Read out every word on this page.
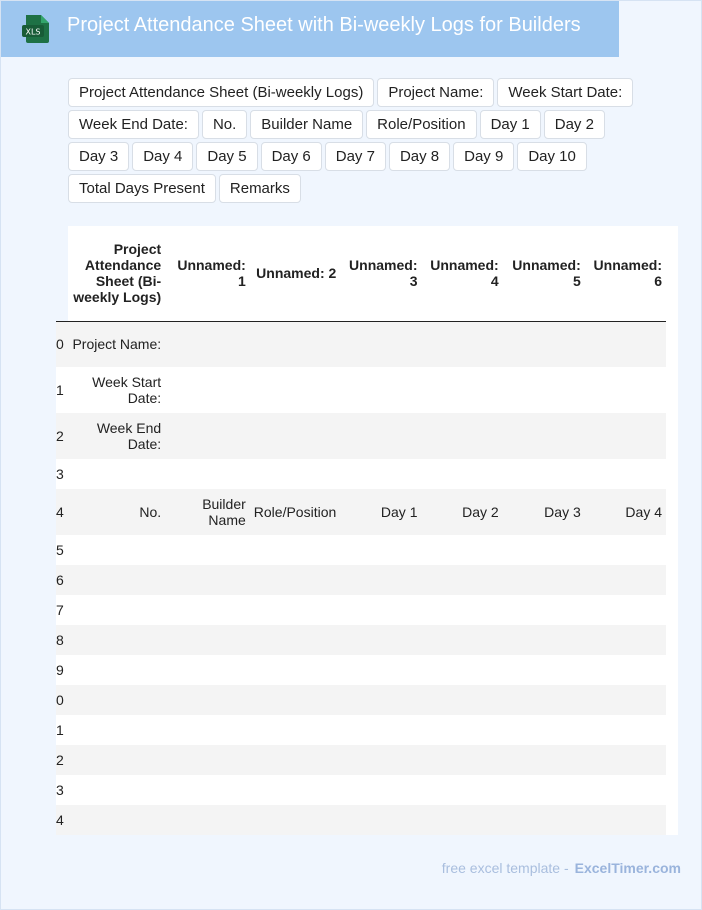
XLS Project Attendance Sheet with Bi-weekly Logs for Builders
Project Attendance Sheet (Bi-weekly Logs)	Project Name:	Week Start Date:
Week End Date:	No.	Builder Name	Role/Position	Day 1	Day 2
Day 3	Day 4	Day 5	Day 6	Day 7	Day 8	Day 9	Day 10
Total Days Present	Remarks
	Project Attendance Sheet (Bi-weekly Logs)	Unnamed: 1	Unnamed: 2	Unnamed: 3	Unnamed: 4	Unnamed: 5	Unnamed: 6
0	Project Name:						
1	Week Start Date:						
2	Week End Date:						
3							
4	No.	Builder Name	Role/Position	Day 1	Day 2	Day 3	Day 4
5							
6							
7							
8							
9							
0							
1							
2							
3							
4							
free excel template - ExcelTimer.com
